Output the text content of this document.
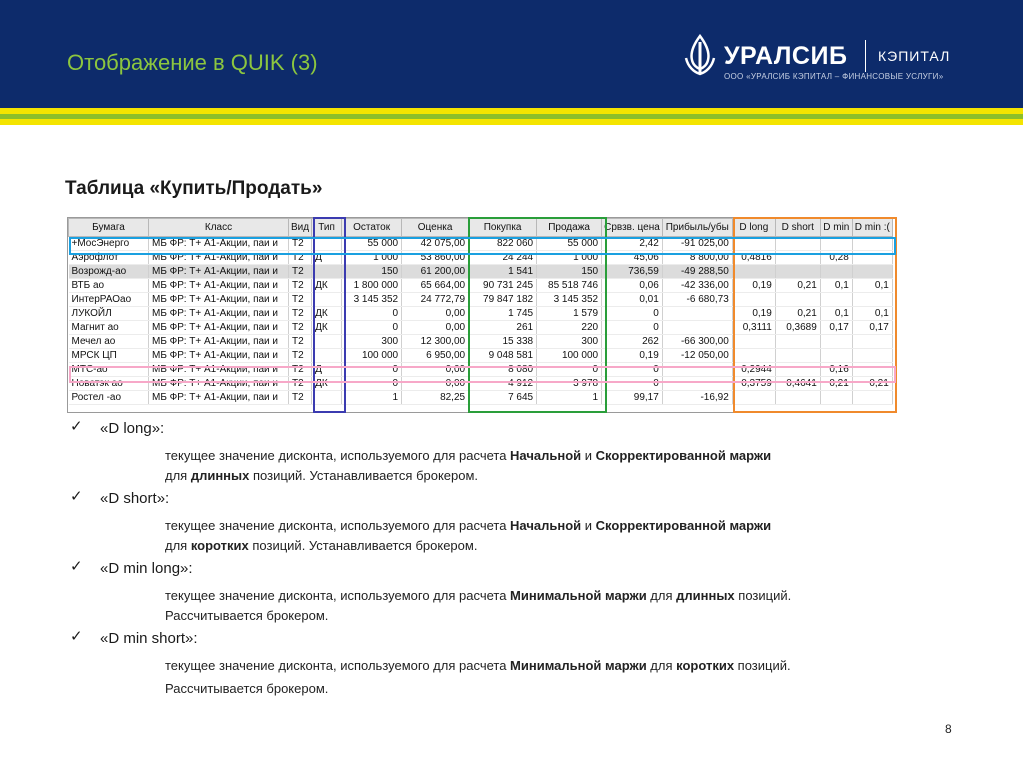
Отображение в QUIK (3)	УРАЛСИБ КЭПИТАЛ
ООО «УРАЛСИБ КЭПИТАЛ – ФИНАНСОВЫЕ УСЛУГИ»
Таблица «Купить/Продать»
Бумага	Класс	Вид	Тип	Остаток	Оценка	Покупка	Продажа	Срвзв. цена	Прибыль/убы	D long	D short	D min	D min :(
+МосЭнерго	МБ ФР: Т+ А1-Акции, паи и	Т2		55 000	42 075,00	822 060	55 000	2,42	-91 025,00				
Аэрофлот	МБ ФР: Т+ А1-Акции, паи и	Т2	Д	1 000	53 860,00	24 244	1 000	45,06	8 800,00	0,4816		0,28	
Возрожд-ао	МБ ФР: Т+ А1-Акции, паи и	Т2		150	61 200,00	1 541	150	736,59	-49 288,50				
ВТБ ао	МБ ФР: Т+ А1-Акции, паи и	Т2	ДК	1 800 000	65 664,00	90 731 245	85 518 746	0,06	-42 336,00	0,19	0,21	0,1	0,1
ИнтерРАОао	МБ ФР: Т+ А1-Акции, паи и	Т2		3 145 352	24 772,79	79 847 182	3 145 352	0,01	-6 680,73				
ЛУКОЙЛ	МБ ФР: Т+ А1-Акции, паи и	Т2	ДК	0	0,00	1 745	1 579	0		0,19	0,21	0,1	0,1
Магнит ао	МБ ФР: Т+ А1-Акции, паи и	Т2	ДК	0	0,00	261	220	0		0,3111	0,3689	0,17	0,17
Мечел ао	МБ ФР: Т+ А1-Акции, паи и	Т2		300	12 300,00	15 338	300	262	-66 300,00				
МРСК ЦП	МБ ФР: Т+ А1-Акции, паи и	Т2		100 000	6 950,00	9 048 581	100 000	0,19	-12 050,00				
МТС-ао	МБ ФР: Т+ А1-Акции, паи и	Т2	Д	0	0,00	8 080	0	0		0,2944		0,16	
Новатэк ао	МБ ФР: Т+ А1-Акции, паи и	Т2	ДК	0	0,00	4 912	3 978	0		0,3759	0,4641	0,21	0,21
Ростел -ао	МБ ФР: Т+ А1-Акции, паи и	Т2		1	82,25	7 645	1	99,17	-16,92				
✓ «D long»:
текущее значение дисконта, используемого для расчета Начальной и Скорректированной маржи
для длинных позиций. Устанавливается брокером.
✓ «D short»:
текущее значение дисконта, используемого для расчета Начальной и Скорректированной маржи
для коротких позиций. Устанавливается брокером.
✓ «D min long»:
текущее значение дисконта, используемого для расчета Минимальной маржи для длинных позиций.
Рассчитывается брокером.
✓ «D min short»:
текущее значение дисконта, используемого для расчета Минимальной маржи для коротких позиций.
Рассчитывается брокером.
8
